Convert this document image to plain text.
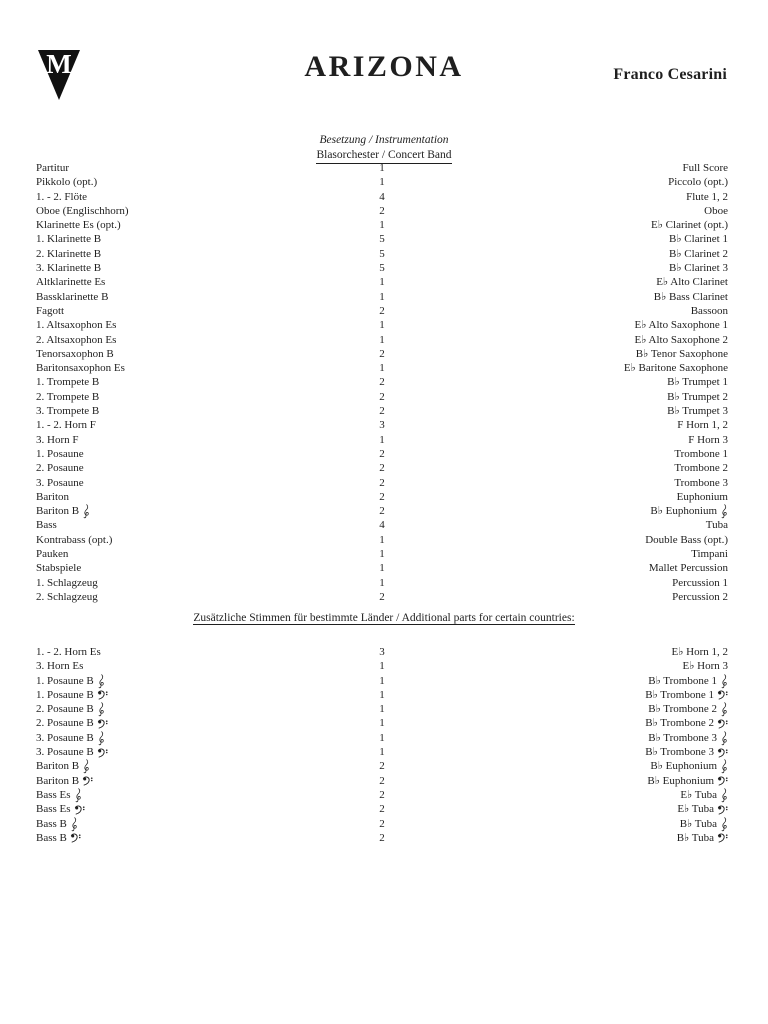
M	ARIZONA	Franco Cesarini
Besetzung / Instrumentation
Blasorchester / Concert Band
Partitur	1	Full Score
Pikkolo (opt.)	1	Piccolo (opt.)
1. - 2. Flöte	4	Flute 1, 2
Oboe (Englischhorn)	2	Oboe
Klarinette Es (opt.)	1	E♭ Clarinet (opt.)
1. Klarinette B	5	B♭ Clarinet 1
2. Klarinette B	5	B♭ Clarinet 2
3. Klarinette B	5	B♭ Clarinet 3
Altklarinette Es	1	E♭ Alto Clarinet
Bassklarinette B	1	B♭ Bass Clarinet
Fagott	2	Bassoon
1. Altsaxophon Es	1	E♭ Alto Saxophone 1
2. Altsaxophon Es	1	E♭ Alto Saxophone 2
Tenorsaxophon B	2	B♭ Tenor Saxophone
Baritonsaxophon Es	1	E♭ Baritone Saxophone
1. Trompete B	2	B♭ Trumpet 1
2. Trompete B	2	B♭ Trumpet 2
3. Trompete B	2	B♭ Trumpet 3
1. - 2. Horn F	3	F Horn 1, 2
3. Horn F	1	F Horn 3
1. Posaune	2	Trombone 1
2. Posaune	2	Trombone 2
3. Posaune	2	Trombone 3
Bariton	2	Euphonium
Bariton B	2	B♭ Euphonium
Bass	4	Tuba
Kontrabass (opt.)	1	Double Bass (opt.)
Pauken	1	Timpani
Stabspiele	1	Mallet Percussion
1. Schlagzeug	1	Percussion 1
2. Schlagzeug	2	Percussion 2
Zusätzliche Stimmen für bestimmte Länder / Additional parts for certain countries:
1. - 2. Horn Es	3	E♭ Horn 1, 2
3. Horn Es	1	E♭ Horn 3
1. Posaune B	1	B♭ Trombone 1
1. Posaune B	1	B♭ Trombone 1
2. Posaune B	1	B♭ Trombone 2
2. Posaune B	1	B♭ Trombone 2
3. Posaune B	1	B♭ Trombone 3
3. Posaune B	1	B♭ Trombone 3
Bariton B	2	B♭ Euphonium
Bariton B	2	B♭ Euphonium
Bass Es	2	E♭ Tuba
Bass Es	2	E♭ Tuba
Bass B	2	B♭ Tuba
Bass B	2	B♭ Tuba
